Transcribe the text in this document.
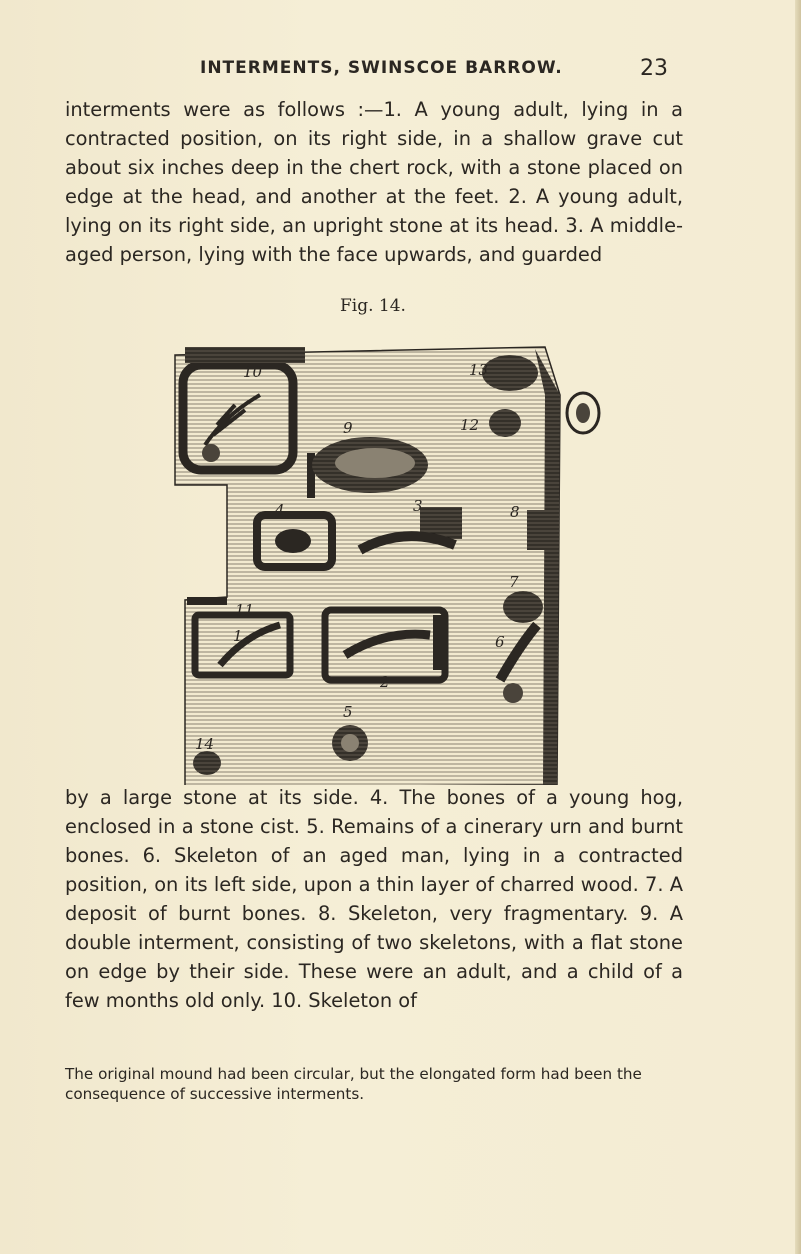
INTERMENTS, SWINSCOE BARROW.	23

interments were as follows :—1. A young adult, lying in a contracted position, on its right side, in a shallow grave cut about six inches deep in the chert rock, with a stone placed on edge at the head, and another at the feet. 2. A young adult, lying on its right side, an upright stone at its head. 3. A middle-aged person, lying with the face upwards, and guarded

Fig. 14.
1
2
3
4
5
6
7
8
9
10
11
12
13
14

by a large stone at its side. 4. The bones of a young hog, enclosed in a stone cist. 5. Remains of a cinerary urn and burnt bones. 6. Skeleton of an aged man, lying in a contracted position, on its left side, upon a thin layer of charred wood. 7. A deposit of burnt bones. 8. Skeleton, very fragmentary. 9. A double interment, consisting of two skeletons, with a flat stone on edge by their side. These were an adult, and a child of a few months old only. 10. Skeleton of

The original mound had been circular, but the elongated form had been the consequence of successive interments.
